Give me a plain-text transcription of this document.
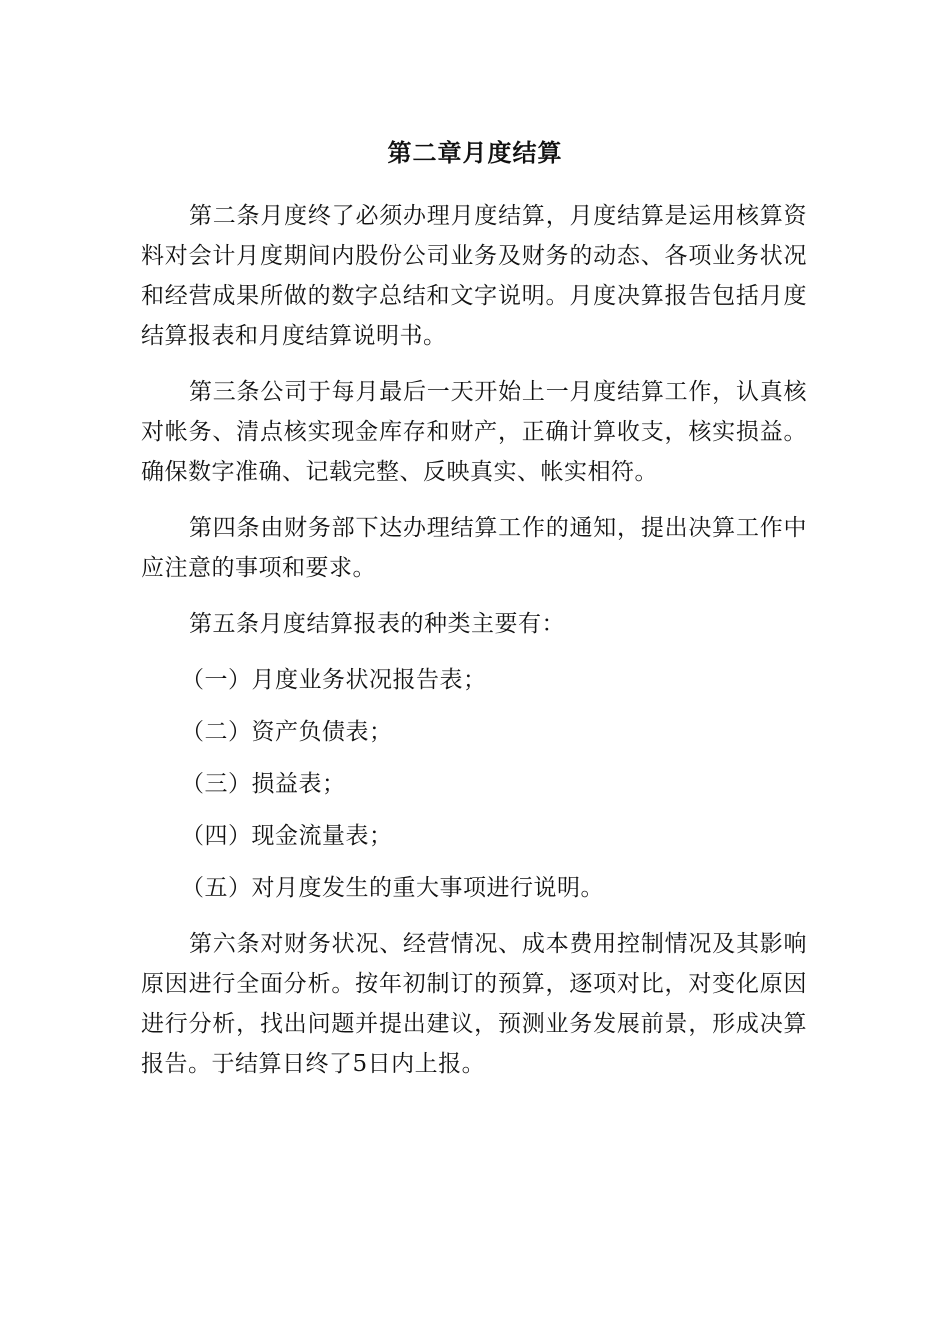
第二章月度结算

第二条月度终了必须办理月度结算，月度结算是运用核算资料对会计月度期间内股份公司业务及财务的动态、各项业务状况和经营成果所做的数字总结和文字说明。月度决算报告包括月度结算报表和月度结算说明书。

第三条公司于每月最后一天开始上一月度结算工作，认真核对帐务、清点核实现金库存和财产，正确计算收支，核实损益。确保数字准确、记载完整、反映真实、帐实相符。

第四条由财务部下达办理结算工作的通知，提出决算工作中应注意的事项和要求。

第五条月度结算报表的种类主要有：

（一）月度业务状况报告表；
（二）资产负债表；
（三）损益表；
（四）现金流量表；
（五）对月度发生的重大事项进行说明。

第六条对财务状况、经营情况、成本费用控制情况及其影响原因进行全面分析。按年初制订的预算，逐项对比，对变化原因进行分析，找出问题并提出建议，预测业务发展前景，形成决算报告。于结算日终了5日内上报。
